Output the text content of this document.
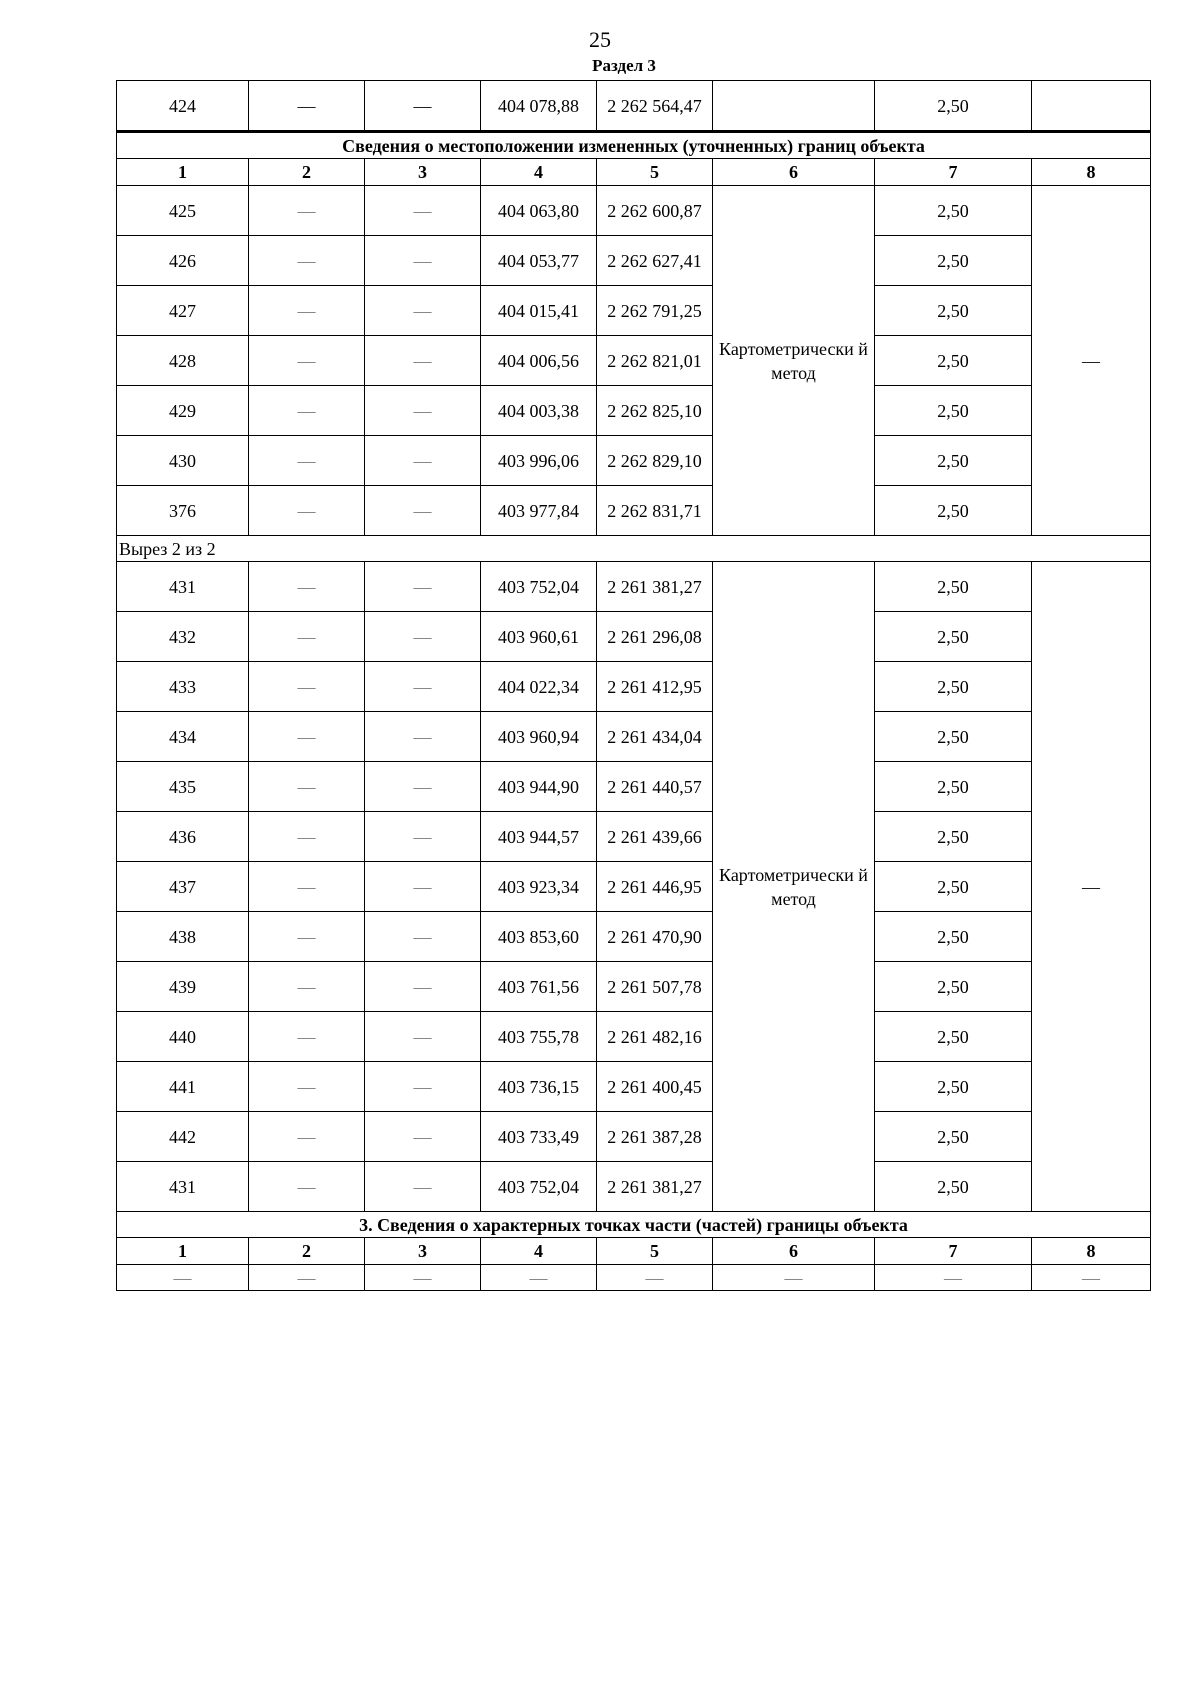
25
Раздел 3
424	—	—	404 078,88	2 262 564,47		2,50	
Сведения о местоположении измененных (уточненных) границ объекта							
1	2	3	4	5	6	7	8
425	—	—	404 063,80	2 262 600,87	Картометрически й метод	2,50	—
426	—	—	404 053,77	2 262 627,41		2,50	
427	—	—	404 015,41	2 262 791,25		2,50	
428	—	—	404 006,56	2 262 821,01		2,50	
429	—	—	404 003,38	2 262 825,10		2,50	
430	—	—	403 996,06	2 262 829,10		2,50	
376	—	—	403 977,84	2 262 831,71		2,50	
Вырез 2 из 2							
431	—	—	403 752,04	2 261 381,27	Картометрически й метод	2,50	—
432	—	—	403 960,61	2 261 296,08		2,50	
433	—	—	404 022,34	2 261 412,95		2,50	
434	—	—	403 960,94	2 261 434,04		2,50	
435	—	—	403 944,90	2 261 440,57		2,50	
436	—	—	403 944,57	2 261 439,66		2,50	
437	—	—	403 923,34	2 261 446,95		2,50	
438	—	—	403 853,60	2 261 470,90		2,50	
439	—	—	403 761,56	2 261 507,78		2,50	
440	—	—	403 755,78	2 261 482,16		2,50	
441	—	—	403 736,15	2 261 400,45		2,50	
442	—	—	403 733,49	2 261 387,28		2,50	
431	—	—	403 752,04	2 261 381,27		2,50	
3. Сведения о характерных точках части (частей) границы объекта							
1	2	3	4	5	6	7	8
—	—	—	—	—	—	—	—
